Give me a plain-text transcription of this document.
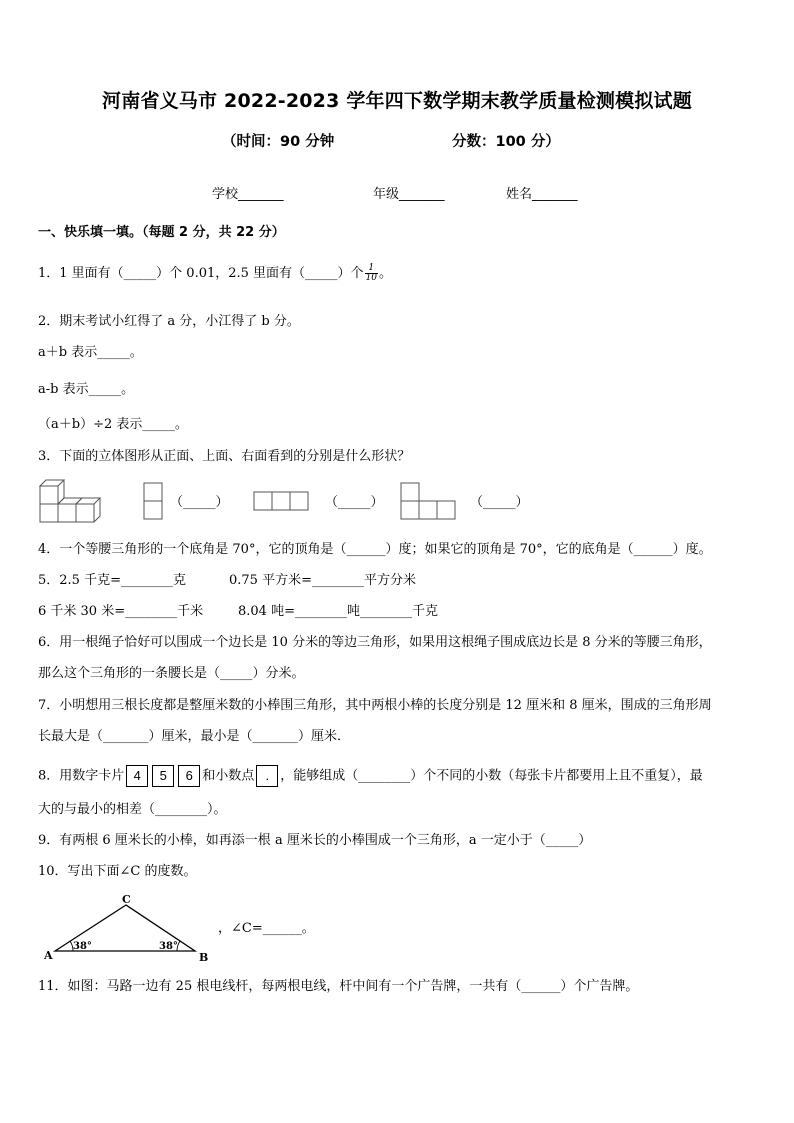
河南省义马市 2022-2023 学年四下数学期末教学质量检测模拟试题
（时间：90 分钟	分数：100 分）
学校_______	年级_______	姓名_______
一、快乐填一填。（每题 2 分，共 22 分）
1．1 里面有（_____）个 0.01，2.5 里面有（_____）个 $\frac{1}{10}$ 。
2．期末考试小红得了 a 分，小江得了 b 分。
a＋b 表示_____。
a-b 表示_____。
（a＋b）÷2 表示_____。
3．下面的立体图形从正面、上面、右面看到的分别是什么形状？
（_____）	（_____）	（_____）
4．一个等腰三角形的一个底角是 70°，它的顶角是（______）度；如果它的顶角是 70°，它的底角是（______）度。
5．2.5 千克=________克	0.75 平方米=________平方分米
6 千米 30 米=________千米	8.04 吨=________吨________千克
6．用一根绳子恰好可以围成一个边长是 10 分米的等边三角形，如果用这根绳子围成底边长是 8 分米的等腰三角形，
那么这个三角形的一条腰长是（_____）分米。
7．小明想用三根长度都是整厘米数的小棒围三角形，其中两根小棒的长度分别是 12 厘米和 8 厘米，围成的三角形周
长最大是（_______）厘米，最小是（_______）厘米．
8．用数字卡片 4 5 6 和小数点 . ，能够组成（________）个不同的小数（每张卡片都要用上且不重复），最
大的与最小的相差（________）。
9．有两根 6 厘米长的小棒，如再添一根 a 厘米长的小棒围成一个三角形，a 一定小于（_____）
10．写出下面∠C 的度数。
C
A	B
38°	38°
，∠C=______。
11．如图：马路一边有 25 根电线杆，每两根电线，杆中间有一个广告牌，一共有（______）个广告牌。
